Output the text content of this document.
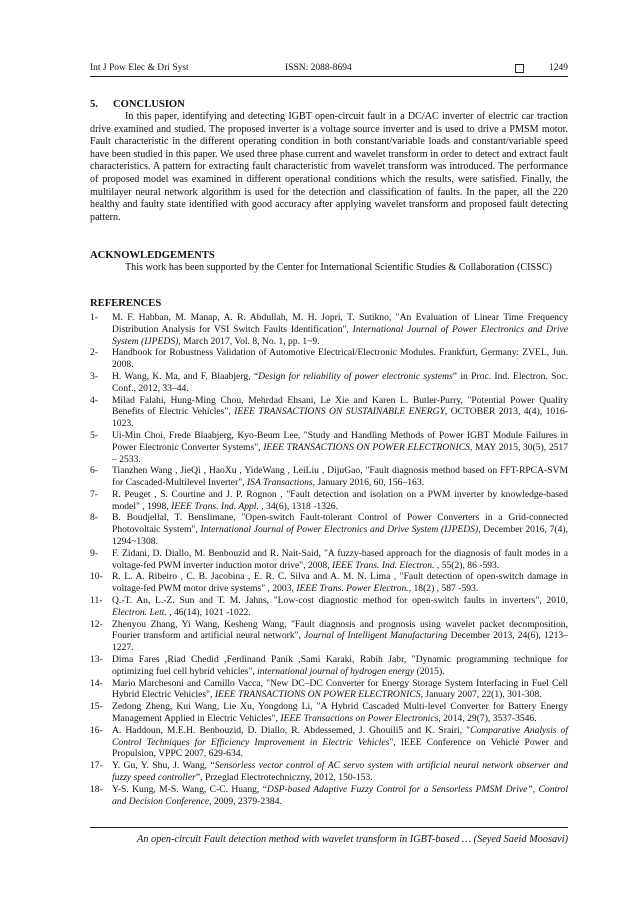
Int J Pow Elec & Dri Syst	ISSN: 2088-8694	1249
5. CONCLUSION

In this paper, identifying and detecting IGBT open-circuit fault in a DC/AC inverter of electric car traction drive examined and studied. The proposed inverter is a voltage source inverter and is used to drive a PMSM motor. Fault characteristic in the different operating condition in both constant/variable loads and constant/variable speed have been studied in this paper. We used three phase current and wavelet transform in order to detect and extract fault characteristics. A pattern for extracting fault characteristic from wavelet transform was introduced. The performance of proposed model was examined in different operational conditions which the results, were satisfied. Finally, the multilayer neural network algorithm is used for the detection and classification of faults. In the paper, all the 220 healthy and faulty state identified with good accuracy after applying wavelet transform and proposed fault detecting pattern.

ACKNOWLEDGEMENTS

This work has been supported by the Center for International Scientific Studies & Collaboration (CISSC)

REFERENCES
1-	M. F. Habban, M. Manap, A. R. Abdullah, M. H. Jopri, T. Sutikno, "An Evaluation of Linear Time Frequency Distribution Analysis for VSI Switch Faults Identification", International Journal of Power Electronics and Drive System (IJPEDS), March 2017, Vol. 8, No. 1, pp. 1~9.
2-	Handbook for Robustness Validation of Automotive Electrical/Electronic Modules. Frankfurt, Germany: ZVEL, Jun. 2008.
3-	H. Wang, K. Ma, and F. Blaabjerg, “Design for reliability of power electronic systems” in Proc. Ind. Electron. Soc. Conf., 2012, 33–44.
4-	Milad Falahi, Hung-Ming Chou, Mehrdad Ehsani, Le Xie and Karen L. Butler-Purry, "Potential Power Quality Benefits of Electric Vehicles", IEEE TRANSACTIONS ON SUSTAINABLE ENERGY, OCTOBER 2013, 4(4), 1016-1023.
5-	Ui-Min Choi, Frede Blaabjerg, Kyo-Beum Lee, "Study and Handling Methods of Power IGBT Module Failures in Power Electronic Converter Systems", IEEE TRANSACTIONS ON POWER ELECTRONICS, MAY 2015, 30(5), 2517 – 2533.
6-	Tianzhen Wang , JieQi , HaoXu , YideWang , LeiLiu , DijuGao, "Fault diagnosis method based on FFT-RPCA-SVM for Cascaded-Multilevel Inverter", ISA Transactions, January 2016, 60, 156–163.
7-	R. Peuget , S. Courtine and J. P. Rognon , "Fault detection and isolation on a PWM inverter by knowledge-based model" , 1998, IEEE Trans. Ind. Appl. , 34(6), 1318 -1326.
8-	B. Boudjellal, T. Benslimane, "Open-switch Fault-tolerant Control of Power Converters in a Grid-connected Photovoltaic System", International Journal of Power Electronics and Drive System (IJPEDS), December 2016, 7(4), 1294~1308.
9-	F. Zidani, D. Diallo, M. Benbouzid and R. Nait-Said, "A fuzzy-based approach for the diagnosis of fault modes in a voltage-fed PWM inverter induction motor drive", 2008, IEEE Trans. Ind. Electron. , 55(2), 86 -593.
10- R. L. A. Ribeiro , C. B. Jacobina , E. R. C. Silva and A. M. N. Lima , "Fault detection of open-switch damage in voltage-fed PWM motor drive systems" , 2003, IEEE Trans. Power Electron., 18(2) , 587 -593.
11- Q.-T. An, L.-Z. Sun and T. M. Jahns, "Low-cost diagnostic method for open-switch faults in inverters", 2010, Electron. Lett. , 46(14), 1021 -1022.
12- Zhenyou Zhang, Yi Wang, Kesheng Wang, "Fault diagnosis and prognosis using wavelet packet decomposition, Fourier transform and artificial neural network", Journal of Intelligent Manufacturing December 2013, 24(6), 1213–1227.
13- Dima Fares ,Riad Chedid ,Ferdinand Panik ,Sami Karaki, Rabih Jabr, "Dynamic programming technique for optimizing fuel cell hybrid vehicles", international journal of hydrogen energy (2015).
14- Mario Marchesoni and Camillo Vacca, "New DC–DC Converter for Energy Storage System Interfacing in Fuel Cell Hybrid Electric Vehicles", IEEE TRANSACTIONS ON POWER ELECTRONICS, January 2007, 22(1), 301-308.
15- Zedong Zheng, Kui Wang, Lie Xu, Yongdong Li, "A Hybrid Cascaded Multi-level Converter for Battery Energy Management Applied in Electric Vehicles", IEEE Transactions on Power Electronics, 2014, 29(7), 3537-3546.
16- A. Haddoun, M.E.H. Benbouzid, D. Diallo, R. Abdessemed, J. Ghouili5 and K. Srairi, "Comparative Analysis of Control Techniques for Efficiency Improvement in Electric Vehicles", IEEE Conference on Vehicle Power and Propulsion, VPPC 2007, 629-634.
17- Y. Gu, Y. Shu, J. Wang, “Sensorless vector control of AC servo system with artificial neural network observer and fuzzy speed controller”, Przeglad Electrotechniczny, 2012, 150-153.
18- Y-S. Kung, M-S. Wang, C-C. Huang, “DSP-based Adaptive Fuzzy Control for a Sensorless PMSM Drive”, Control and Decision Conference, 2009, 2379-2384.
An open-circuit Fault detection method with wavelet transform in IGBT-based … (Seyed Saeid Moosavi)
